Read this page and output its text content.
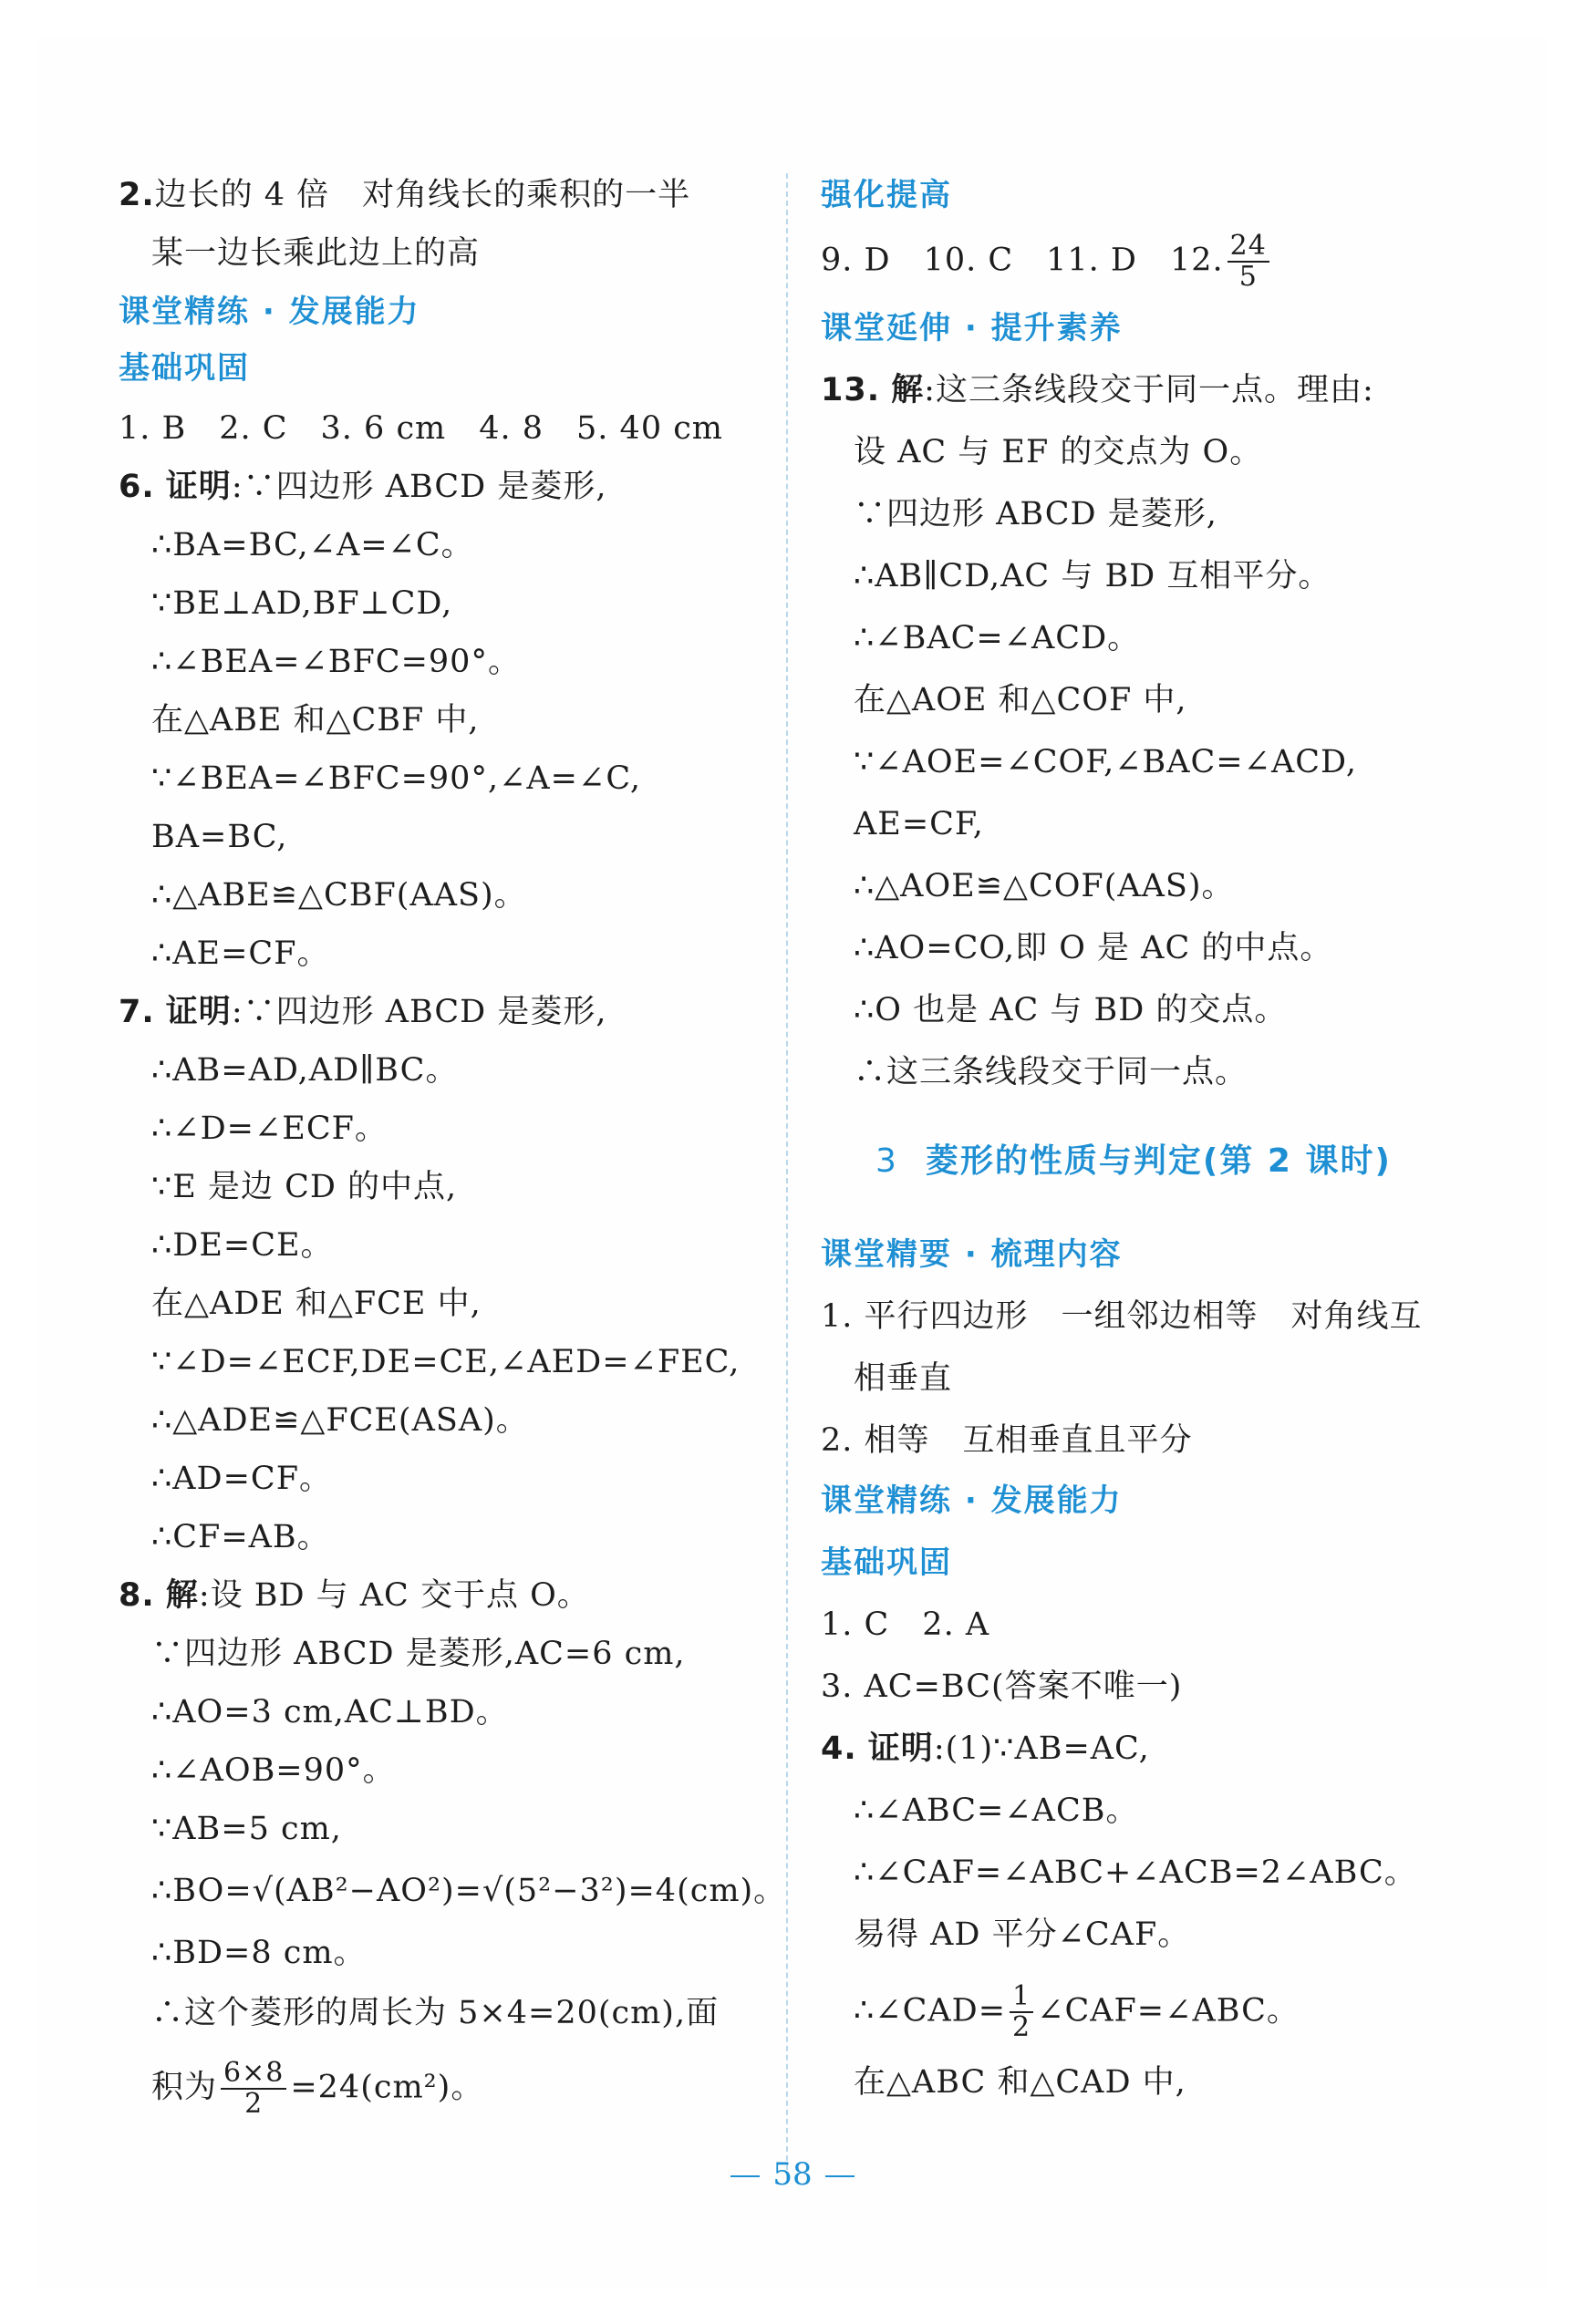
2.边长的 4 倍　对角线长的乘积的一半
某一边长乘此边上的高
课堂精练 · 发展能力
基础巩固
1. B　2. C　3. 6 cm　4. 8　5. 40 cm
6. 证明:∵四边形 ABCD 是菱形,
∴BA=BC,∠A=∠C。
∵BE⊥AD,BF⊥CD,
∴∠BEA=∠BFC=90°。
在△ABE 和△CBF 中,
∵∠BEA=∠BFC=90°,∠A=∠C,
BA=BC,
∴△ABE≌△CBF(AAS)。
∴AE=CF。
7. 证明:∵四边形 ABCD 是菱形,
∴AB=AD,AD∥BC。
∴∠D=∠ECF。
∵E 是边 CD 的中点,
∴DE=CE。
在△ADE 和△FCE 中,
∵∠D=∠ECF,DE=CE,∠AED=∠FEC,
∴△ADE≌△FCE(ASA)。
∴AD=CF。
∴CF=AB。
8. 解:设 BD 与 AC 交于点 O。
∵四边形 ABCD 是菱形,AC=6 cm,
∴AO=3 cm,AC⊥BD。
∴∠AOB=90°。
∵AB=5 cm,
∴BO=√(AB²−AO²)=√(5²−3²)=4(cm)。
∴BD=8 cm。
∴这个菱形的周长为 5×4=20(cm),面
积为 $\frac{6\times 8}{2} =24(cm^2)$。
强化提高
9. D　10. C　11. D　12. $\frac{24}{5}$
课堂延伸 · 提升素养
13. 解:这三条线段交于同一点。理由:
设 AC 与 EF 的交点为 O。
∵四边形 ABCD 是菱形,
∴AB∥CD,AC 与 BD 互相平分。
∴∠BAC=∠ACD。
在△AOE 和△COF 中,
∵∠AOE=∠COF,∠BAC=∠ACD,
AE=CF,
∴△AOE≌△COF(AAS)。
∴AO=CO,即 O 是 AC 的中点。
∴O 也是 AC 与 BD 的交点。
∴这三条线段交于同一点。
3 菱形的性质与判定(第 2 课时)
课堂精要 · 梳理内容
1. 平行四边形　一组邻边相等　对角线互
相垂直
2. 相等　互相垂直且平分
课堂精练 · 发展能力
基础巩固
1. C　2. A
3. AC=BC(答案不唯一)
4. 证明:(1)∵AB=AC,
∴∠ABC=∠ACB。
∴∠CAF=∠ABC+∠ACB=2∠ABC。
易得 AD 平分∠CAF。
∴∠CAD= $\frac{1}{2}$ ∠CAF=∠ABC。
在△ABC 和△CAD 中,
58
